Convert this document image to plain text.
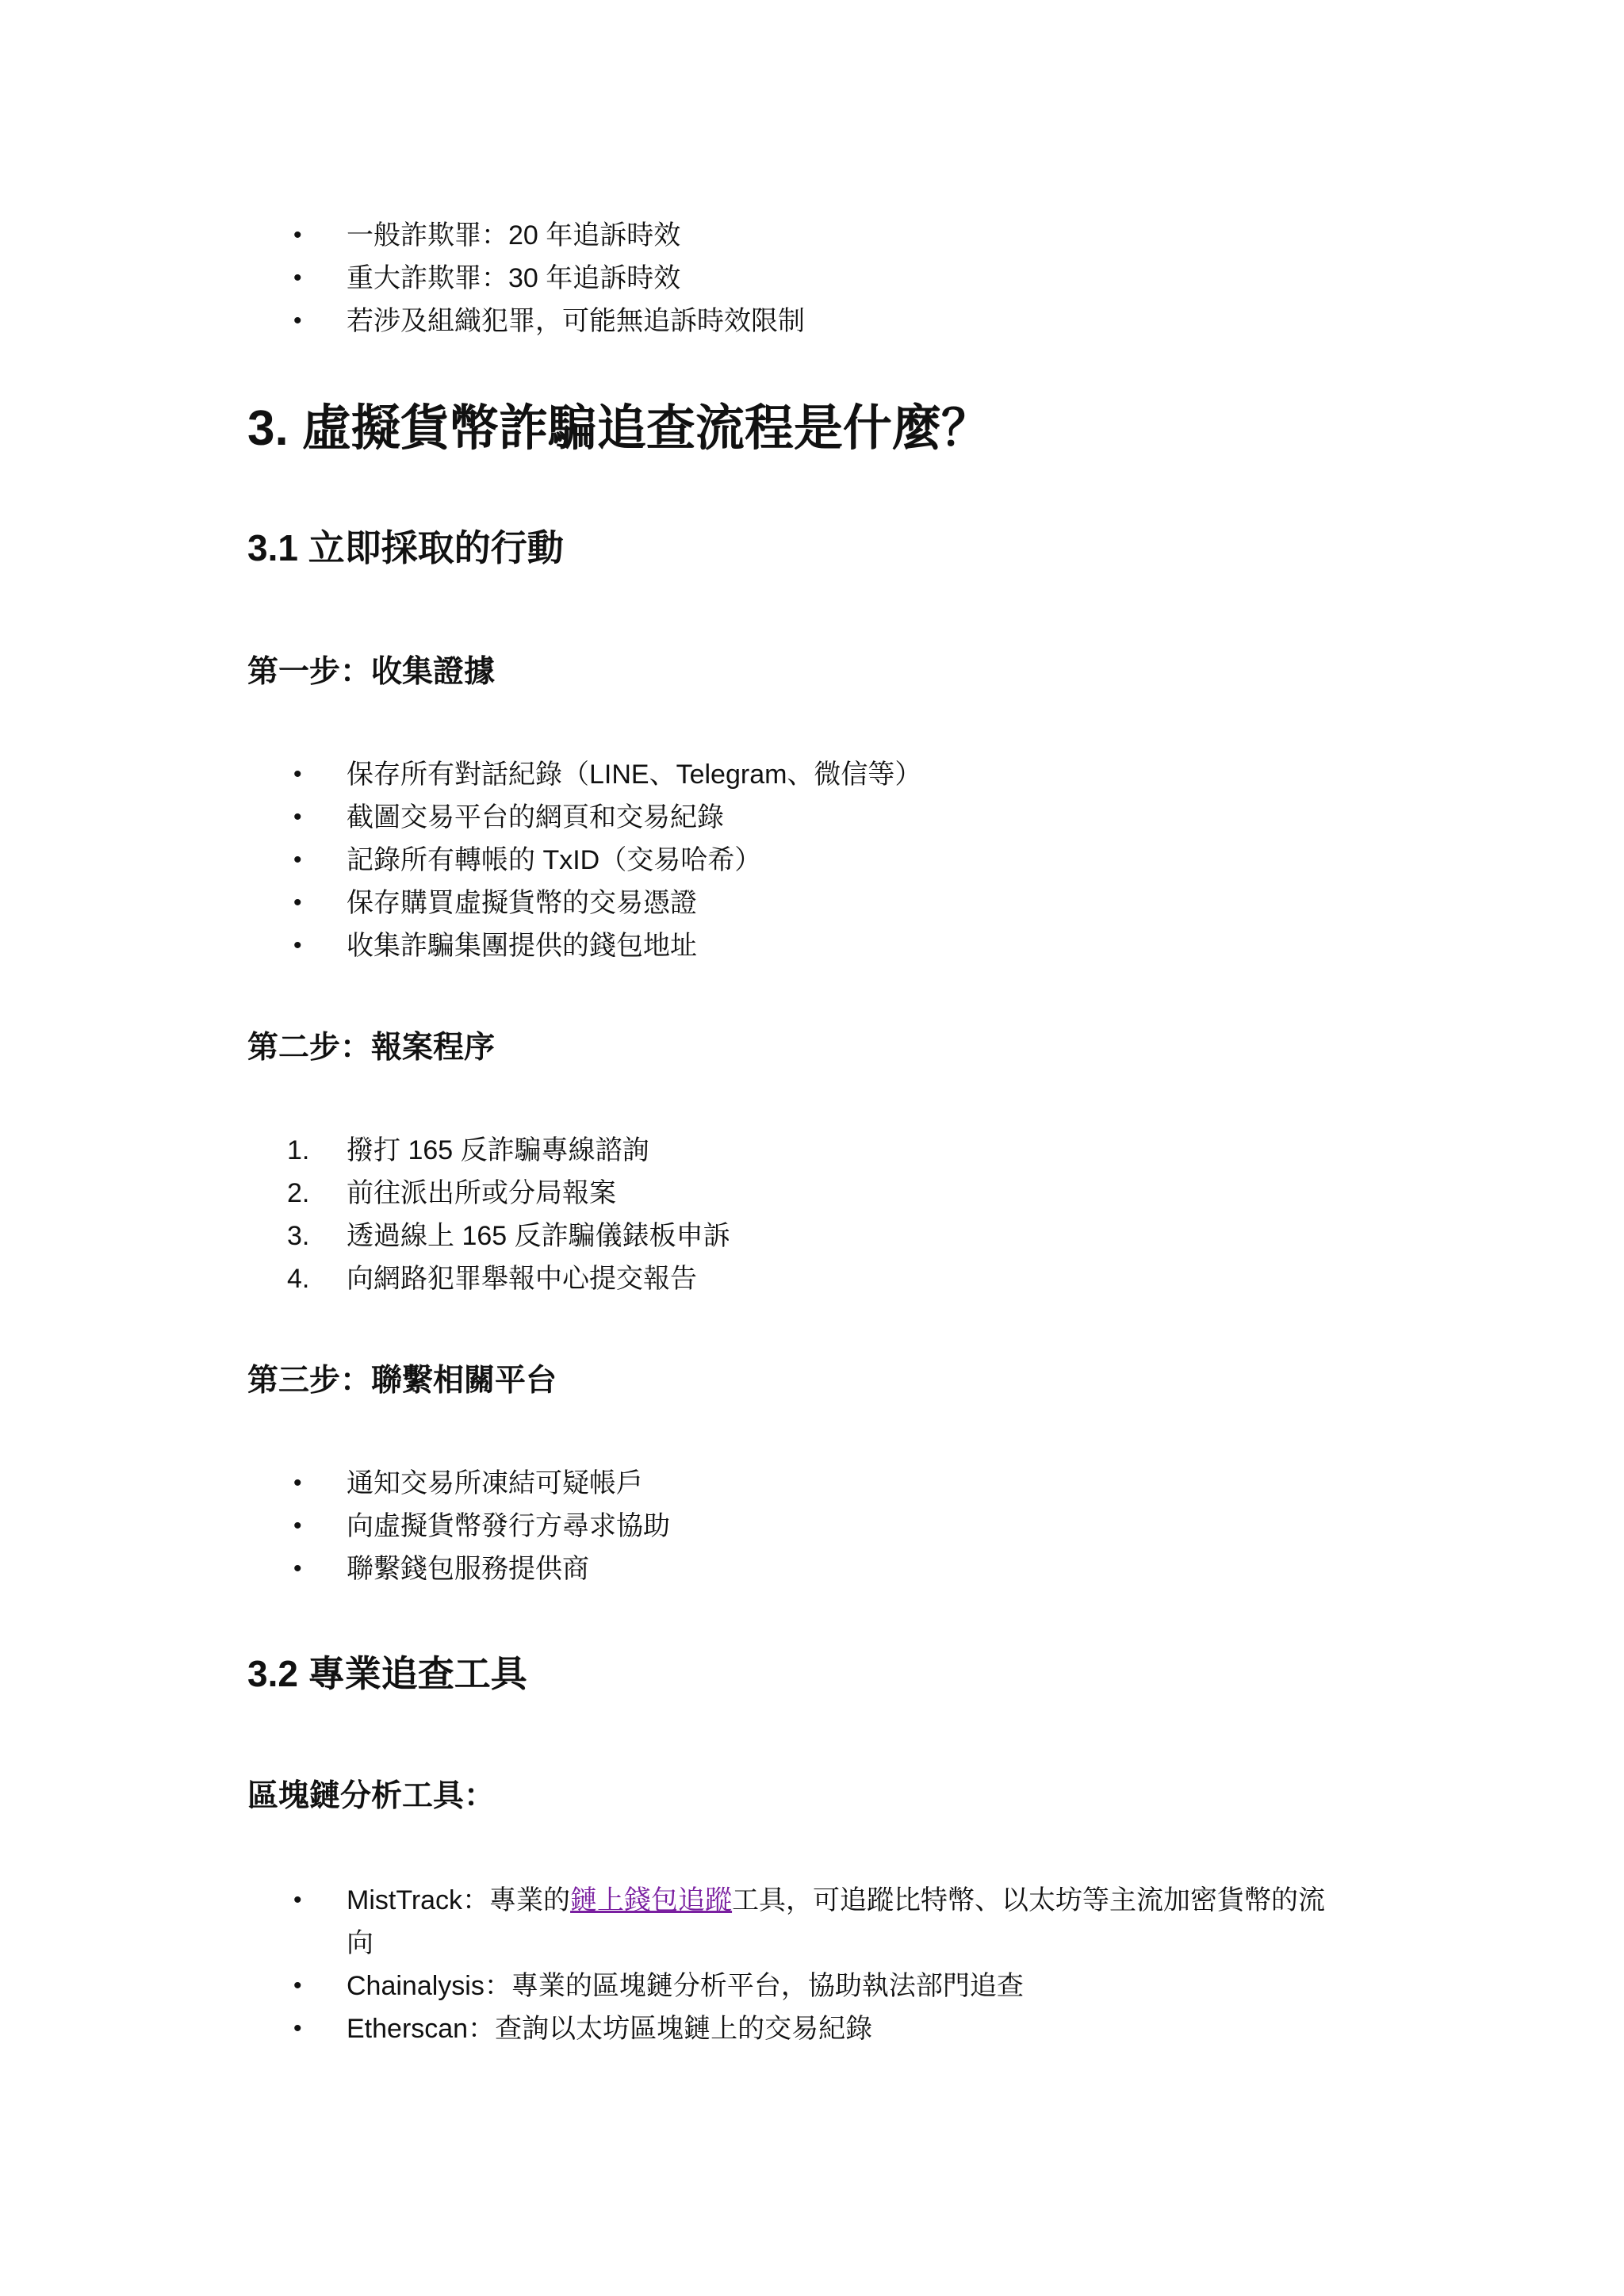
• 一般詐欺罪：20 年追訴時效
• 重大詐欺罪：30 年追訴時效
• 若涉及組織犯罪，可能無追訴時效限制
3. 虛擬貨幣詐騙追查流程是什麼？
3.1 立即採取的行動
第一步：收集證據
• 保存所有對話紀錄（LINE、Telegram、微信等）
• 截圖交易平台的網頁和交易紀錄
• 記錄所有轉帳的 TxID（交易哈希）
• 保存購買虛擬貨幣的交易憑證
• 收集詐騙集團提供的錢包地址
第二步：報案程序
1. 撥打 165 反詐騙專線諮詢
2. 前往派出所或分局報案
3. 透過線上 165 反詐騙儀錶板申訴
4. 向網路犯罪舉報中心提交報告
第三步：聯繫相關平台
• 通知交易所凍結可疑帳戶
• 向虛擬貨幣發行方尋求協助
• 聯繫錢包服務提供商
3.2 專業追查工具
區塊鏈分析工具：
• MistTrack：專業的鏈上錢包追蹤工具，可追蹤比特幣、以太坊等主流加密貨幣的流
向
• Chainalysis：專業的區塊鏈分析平台，協助執法部門追查
• Etherscan：查詢以太坊區塊鏈上的交易紀錄
